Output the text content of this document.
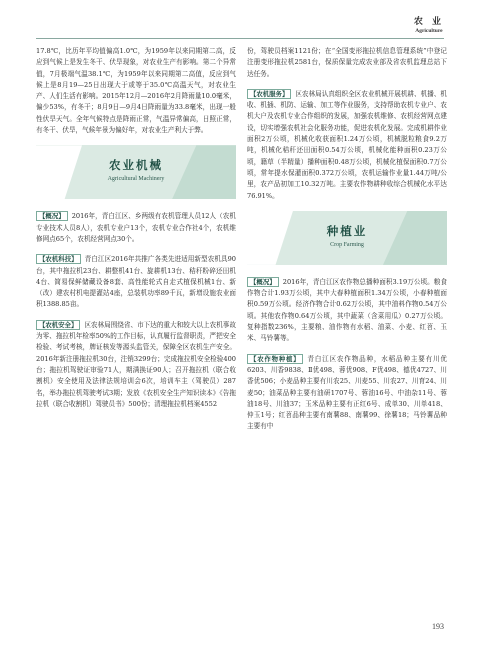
农 业
Agriculture

17.8℃，比历年平均值偏高1.0℃，为1959年以来同期第二高，反应到气候上是发生冬干、伏旱现象，对农业生产有影响。第二个异常值，7月极端气温38.1℃，为1959年以来同期第二高值，反应到气候上是8月19—25日出现大于或等于35.0℃高温天气，对农业生产、人们生活有影响。2015年12月—2016年2月降雨量10.0毫米，偏少53%，有冬干；8月9日—9月4日降雨量为33.8毫米，出现一般性伏旱天气。全年气候特点是降雨正常，气温异常偏高，日照正常，有冬干、伏旱，气候年景为偏好年，对农业生产利大于弊。

农业机械
Agricultural Machinery

【概况】 2016年，青白江区、乡两级有农机管理人员12人（农机专业技术人员8人），农机专业户13个，农机专业合作社4个，农机维修网点65个，农机经营网点30个。

【农机科技】 青白江区2016年共推广各类先进适用新型农机具90台，其中拖拉机23台、耕整机41台、旋耕机13台、秸秆粉碎还田机4台、简易保鲜储藏设备8套、高性能轮式自走式植保机械1台、新（改）建农村机电提灌站4座，总装机功率89千瓦，新增设施农业面积1388.85亩。

【农机安全】 区农林局围绕省、市下达的重大和较大以上农机事故为零、拖拉机年检率50%的工作目标，认真履行监督职责，严把安全检验、考试考核，牌证核发等源头监管关，保障全区农机生产安全。2016年新注册拖拉机30台，注销3299台；完成拖拉机安全检验400台；拖拉机驾驶证审验71人，期满换证90人；召开拖拉机（联合收割机）安全使用及法律法规培训会6次，培训车主（驾驶员）287名，举办拖拉机驾驶考试3期；发放《农机安全生产知识读本》《告拖拉机（联合收割机）驾驶员书》500份；清理拖拉机档案4552

份，驾驶员档案1121份；在“全国变形拖拉机信息管理系统”中登记注册变形拖拉机2581台，保质保量完成农业部及省农机监理总站下达任务。

【农机服务】 区农林局认真组织全区农业机械开展机耕、机播、机收、机插、机防、运输、加工等作业服务，支持帮助农机专业户、农机大户及农机专业合作组织的发展，加强农机维修、农机经营网点建设，切实增强农机社会化服务功能，促进农机化发展。完成机耕作业面积2万公顷，机械化收获面积1.24万公顷，机械脱粒粮食9.2万吨，机械化秸秆还田面积0.54万公顷，机械化能种面积0.23万公顷，籍草（半精量）播种面积0.48万公顷，机械化植保面积0.7万公顷，常年提水保灌面积0.372万公顷，农机运输作业量1.44万吨/公里，农产品初加工10.32万吨。主要农作物耕种收综合机械化水平达76.91%。

种植业
Crop Farming

【概况】 2016年，青白江区农作物总播种面积3.19万公顷。粮食作物合计1.93万公顷，其中大春种植面积1.34万公顷，小春种植面积0.59万公顷。经济作物合计0.62万公顷，其中油料作物0.54万公顷。其他农作物0.64万公顷，其中蔬菜（含菜用瓜）0.27万公顷。复种指数236%，主要粮、油作物有水稻、油菜、小麦、红苕、玉米、马铃薯等。

【农作物种植】 青白江区农作物品种，水稻品种主要有川优6203、川香9838、Ⅱ优498、蓉优908、F优498、德优4727、川香优506；小麦品种主要有川农25、川麦55、川农27、川育24、川麦50；油菜品种主要有油研1707号、蓉油16号、中油杂11号、蓉油18号、川油37；玉米品种主要有正红6号、成单30、川单418、仲玉1号；红苕品种主要有南薯88、南薯99、徐薯18；马铃薯品种主要有中

193
